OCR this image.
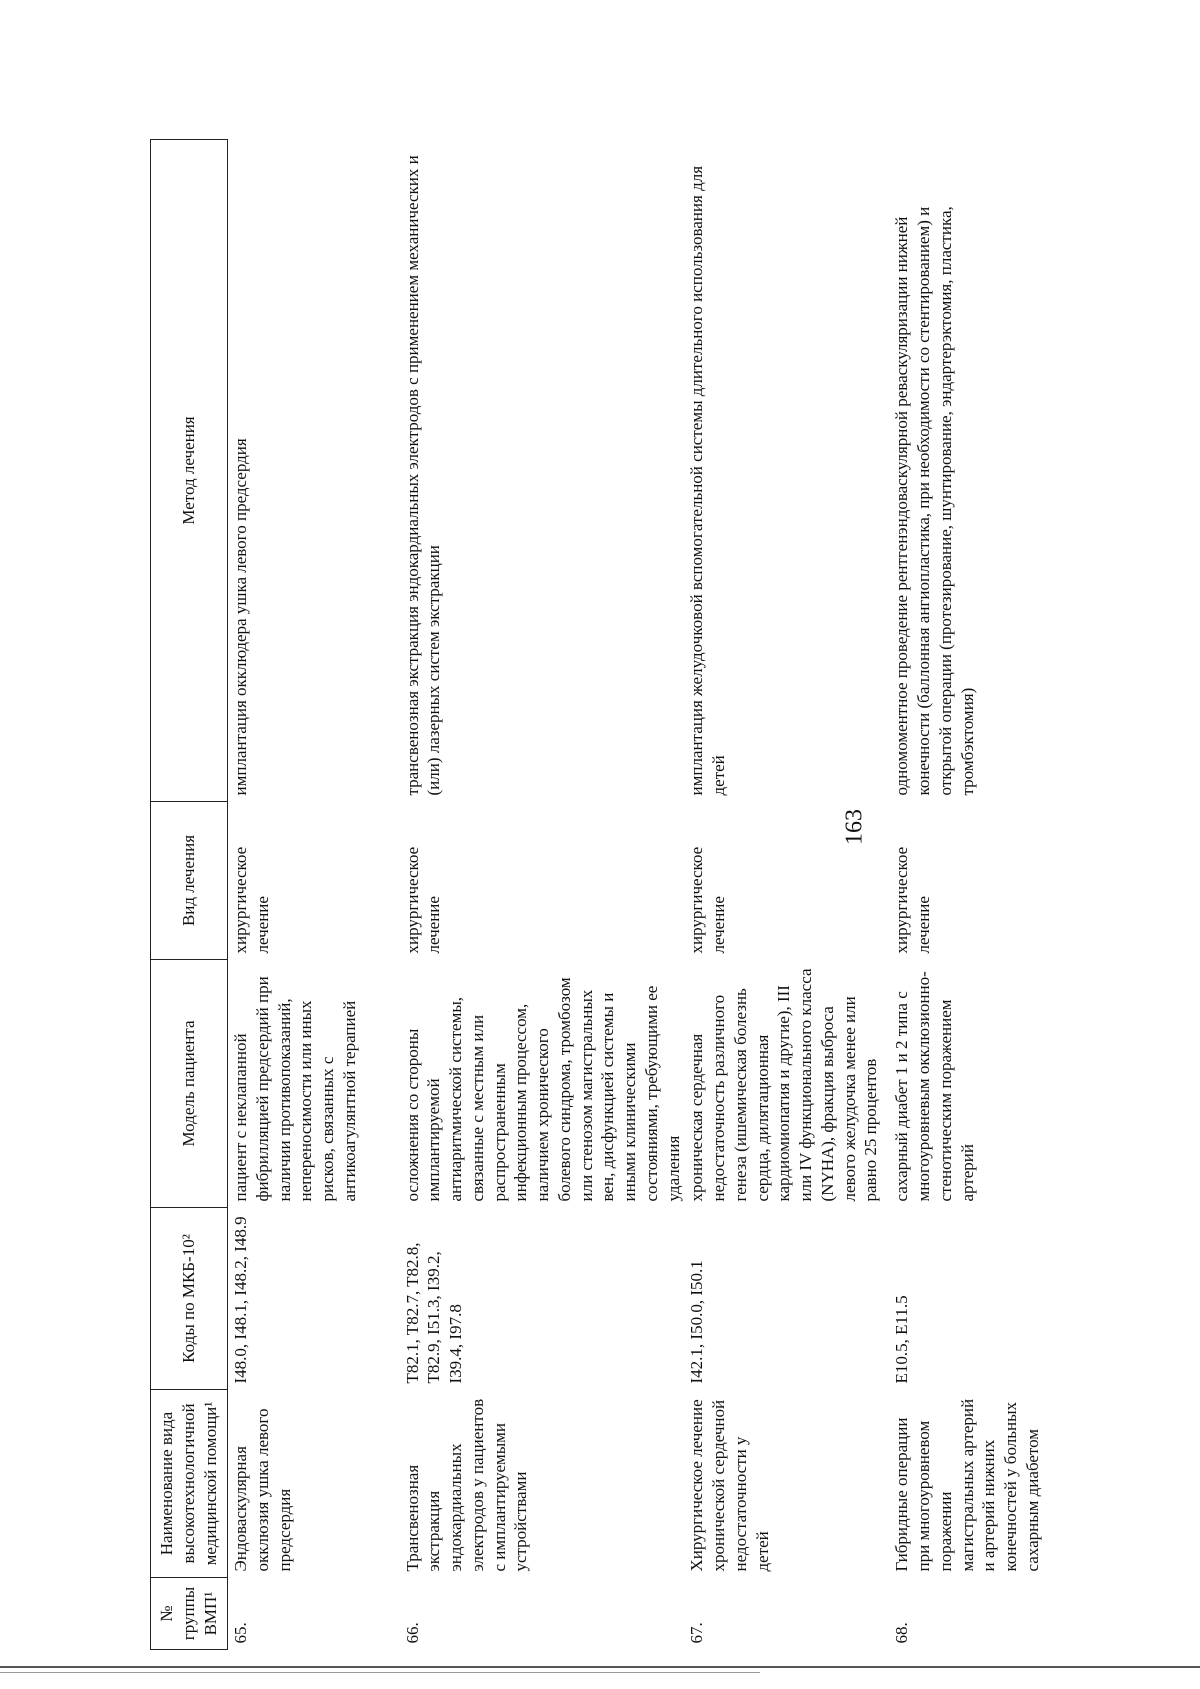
163
№ группы ВМП¹	Наименование вида высокотехнологичной медицинской помощи¹	Коды по МКБ-10²	Модель пациента	Вид лечения	Метод лечения
65.	Эндоваскулярная окклюзия ушка левого предсердия	I48.0, I48.1, I48.2, I48.9	пациент с неклапанной фибрилляцией предсердий при наличии противопоказаний, непереносимости или иных рисков, связанных с антикоагулянтной терапией	хирургическое лечение	имплантация окклюдера ушка левого предсердия
66.	Трансвенозная экстракция эндокардиальных электродов у пациентов с имплантируемыми устройствами	T82.1, T82.7, T82.8, T82.9, I51.3, I39.2, I39.4, I97.8	осложнения со стороны имплантируемой антиаритмической системы, связанные с местным или распространенным инфекционным процессом, наличием хронического болевого синдрома, тромбозом или стенозом магистральных вен, дисфункцией системы и иными клиническими состояниями, требующими ее удаления	хирургическое лечение	трансвенозная экстракция эндокардиальных электродов с применением механических и (или) лазерных систем экстракции
67.	Хирургическое лечение хронической сердечной недостаточности у детей	I42.1, I50.0, I50.1	хроническая сердечная недостаточность различного генеза (ишемическая болезнь сердца, дилятационная кардиомиопатия и другие), III или IV функционального класса (NYHA), фракция выброса левого желудочка менее или равно 25 процентов	хирургическое лечение	имплантация желудочковой вспомогательной системы длительного использования для детей
68.	Гибридные операции при многоуровневом поражении магистральных артерий и артерий нижних конечностей у больных сахарным диабетом	E10.5, E11.5	сахарный диабет 1 и 2 типа с многоуровневым окклюзионно-стенотическим поражением артерий	хирургическое лечение	одномоментное проведение рентгенэндоваскулярной реваскуляризации нижней конечности (баллонная ангиопластика, при необходимости со стентированием) и открытой операции (протезирование, шунтирование, эндартерэктомия, пластика, тромбэктомия)
